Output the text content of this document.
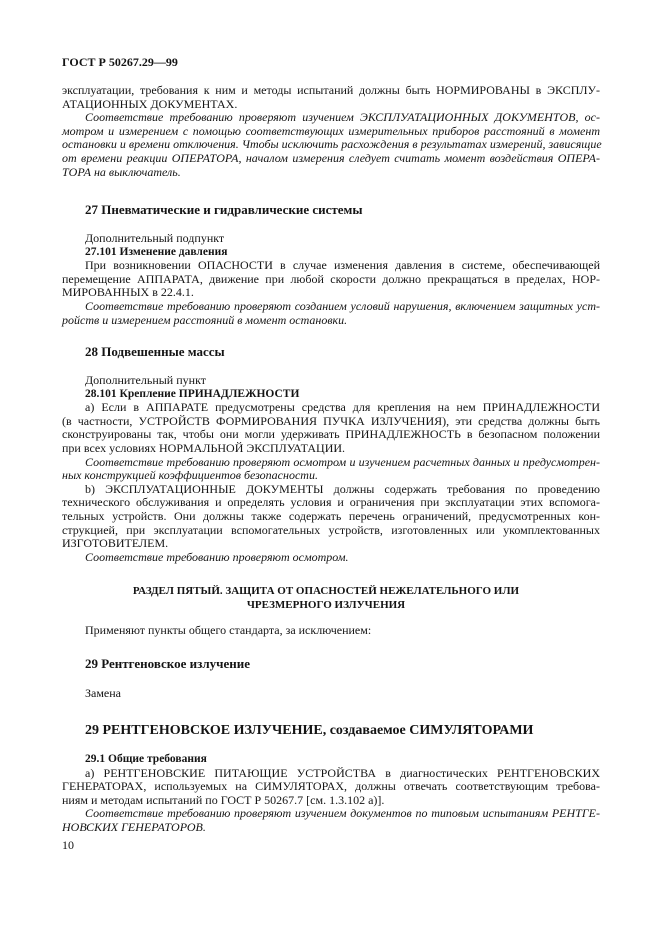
ГОСТ Р 50267.29—99
эксплуатации, требования к ним и методы испытаний должны быть НОРМИРОВАНЫ в ЭКСПЛУ-
АТАЦИОННЫХ ДОКУМЕНТАХ.
Соответствие требованию проверяют изучением ЭКСПЛУАТАЦИОННЫХ ДОКУМЕНТОВ, ос-
мотром и измерением с помощью соответствующих измерительных приборов расстояний в момент
остановки и времени отключения. Чтобы исключить расхождения в результатах измерений, зависящие
от времени реакции ОПЕРАТОРА, началом измерения следует считать момент воздействия ОПЕРА-
ТОРА на выключатель.
27 Пневматические и гидравлические системы
Дополнительный подпункт
27.101 Изменение давления
При возникновении ОПАСНОСТИ в случае изменения давления в системе, обеспечивающей
перемещение АППАРАТА, движение при любой скорости должно прекращаться в пределах, НОР-
МИРОВАННЫХ в 22.4.1.
Соответствие требованию проверяют созданием условий нарушения, включением защитных уст-
ройств и измерением расстояний в момент остановки.
28 Подвешенные массы
Дополнительный пункт
28.101 Крепление ПРИНАДЛЕЖНОСТИ
а) Если в АППАРАТЕ предусмотрены средства для крепления на нем ПРИНАДЛЕЖНОСТИ
(в частности, УСТРОЙСТВ ФОРМИРОВАНИЯ ПУЧКА ИЗЛУЧЕНИЯ), эти средства должны быть
сконструированы так, чтобы они могли удерживать ПРИНАДЛЕЖНОСТЬ в безопасном положении
при всех условиях НОРМАЛЬНОЙ ЭКСПЛУАТАЦИИ.
Соответствие требованию проверяют осмотром и изучением расчетных данных и предусмотрен-
ных конструкцией коэффициентов безопасности.
b) ЭКСПЛУАТАЦИОННЫЕ ДОКУМЕНТЫ должны содержать требования по проведению
технического обслуживания и определять условия и ограничения при эксплуатации этих вспомога-
тельных устройств. Они должны также содержать перечень ограничений, предусмотренных кон-
струкцией, при эксплуатации вспомогательных устройств, изготовленных или укомплектованных
ИЗГОТОВИТЕЛЕМ.
Соответствие требованию проверяют осмотром.
РАЗДЕЛ ПЯТЫЙ. ЗАЩИТА ОТ ОПАСНОСТЕЙ НЕЖЕЛАТЕЛЬНОГО ИЛИ
ЧРЕЗМЕРНОГО ИЗЛУЧЕНИЯ
Применяют пункты общего стандарта, за исключением:
29 Рентгеновское излучение
Замена
29 РЕНТГЕНОВСКОЕ ИЗЛУЧЕНИЕ, создаваемое СИМУЛЯТОРАМИ
29.1 Общие требования
а) РЕНТГЕНОВСКИЕ ПИТАЮЩИЕ УСТРОЙСТВА в диагностических РЕНТГЕНОВСКИХ
ГЕНЕРАТОРАХ, используемых на СИМУЛЯТОРАХ, должны отвечать соответствующим требова-
ниям и методам испытаний по ГОСТ Р 50267.7 [см. 1.3.102 а)].
Соответствие требованию проверяют изучением документов по типовым испытаниям РЕНТГЕ-
НОВСКИХ ГЕНЕРАТОРОВ.
10
